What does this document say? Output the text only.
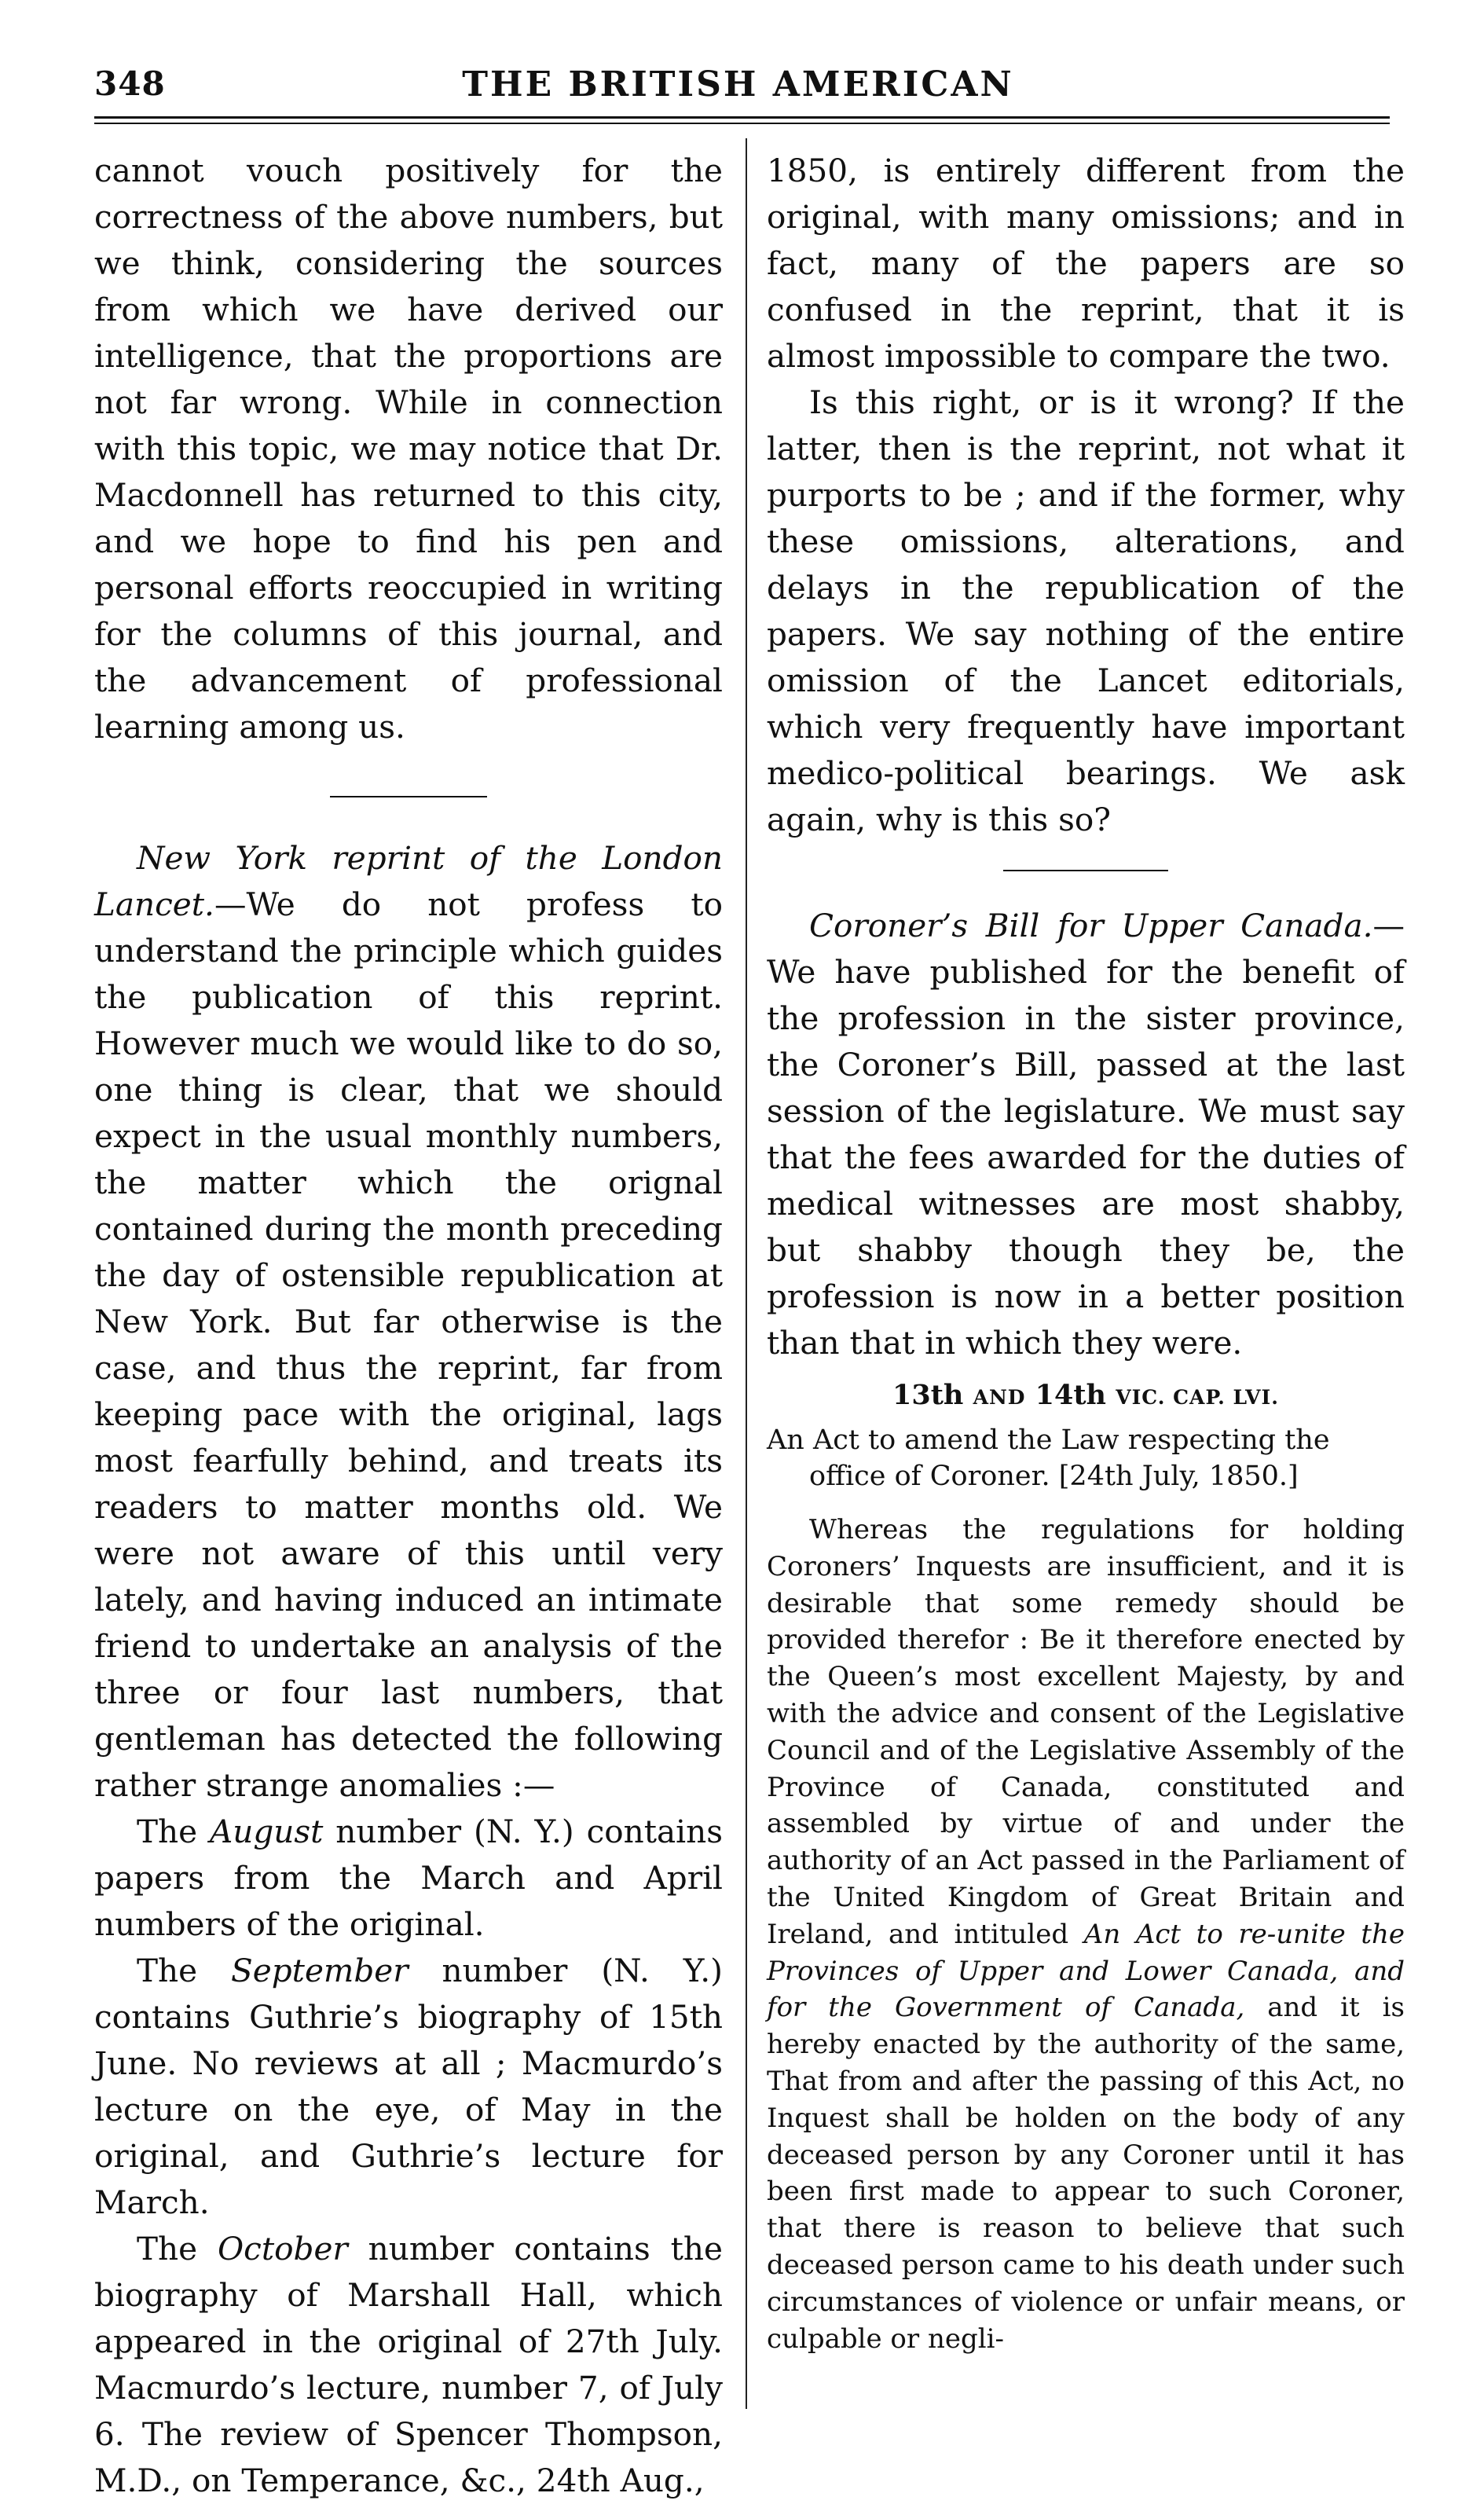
348	THE BRITISH AMERICAN

cannot vouch positively for the correctness of the above numbers, but we think, considering the sources from which we have derived our intelligence, that the proportions are not far wrong. While in connection with this topic, we may notice that Dr. Macdonnell has returned to this city, and we hope to find his pen and personal efforts reoccupied in writing for the columns of this journal, and the advancement of professional learning among us.

New York reprint of the London Lancet.—We do not profess to understand the principle which guides the publication of this reprint. However much we would like to do so, one thing is clear, that we should expect in the usual monthly numbers, the matter which the orignal contained during the month preceding the day of ostensible republication at New York. But far otherwise is the case, and thus the reprint, far from keeping pace with the original, lags most fearfully behind, and treats its readers to matter months old. We were not aware of this until very lately, and having induced an intimate friend to undertake an analysis of the three or four last numbers, that gentleman has detected the following rather strange anomalies :—

The August number (N. Y.) contains papers from the March and April numbers of the original.

The September number (N. Y.) contains Guthrie’s biography of 15th June. No reviews at all ; Macmurdo’s lecture on the eye, of May in the original, and Guthrie’s lecture for March.

The October number contains the biography of Marshall Hall, which appeared in the original of 27th July. Macmurdo’s lecture, number 7, of July 6. The review of Spencer Thompson, M.D., on Temperance, &c., 24th Aug.,

1850, is entirely different from the original, with many omissions; and in fact, many of the papers are so confused in the reprint, that it is almost impossible to compare the two.

Is this right, or is it wrong? If the latter, then is the reprint, not what it purports to be ; and if the former, why these omissions, alterations, and delays in the republication of the papers. We say nothing of the entire omission of the Lancet editorials, which very frequently have important medico-political bearings. We ask again, why is this so?

Coroner’s Bill for Upper Canada.— We have published for the benefit of the profession in the sister province, the Coroner’s Bill, passed at the last session of the legislature. We must say that the fees awarded for the duties of medical witnesses are most shabby, but shabby though they be, the profession is now in a better position than that in which they were.

13th AND 14th VIC. CAP. LVI.

An Act to amend the Law respecting the office of Coroner. [24th July, 1850.]

Whereas the regulations for holding Coroners’ Inquests are insufficient, and it is desirable that some remedy should be provided therefor : Be it therefore enected by the Queen’s most excellent Majesty, by and with the advice and consent of the Legislative Council and of the Legislative Assembly of the Province of Canada, constituted and assembled by virtue of and under the authority of an Act passed in the Parliament of the United Kingdom of Great Britain and Ireland, and intituled An Act to re-unite the Provinces of Upper and Lower Canada, and for the Government of Canada, and it is hereby enacted by the authority of the same, That from and after the passing of this Act, no Inquest shall be holden on the body of any deceased person by any Coroner until it has been first made to appear to such Coroner, that there is reason to believe that such deceased person came to his death under such circumstances of violence or unfair means, or culpable or negli-
